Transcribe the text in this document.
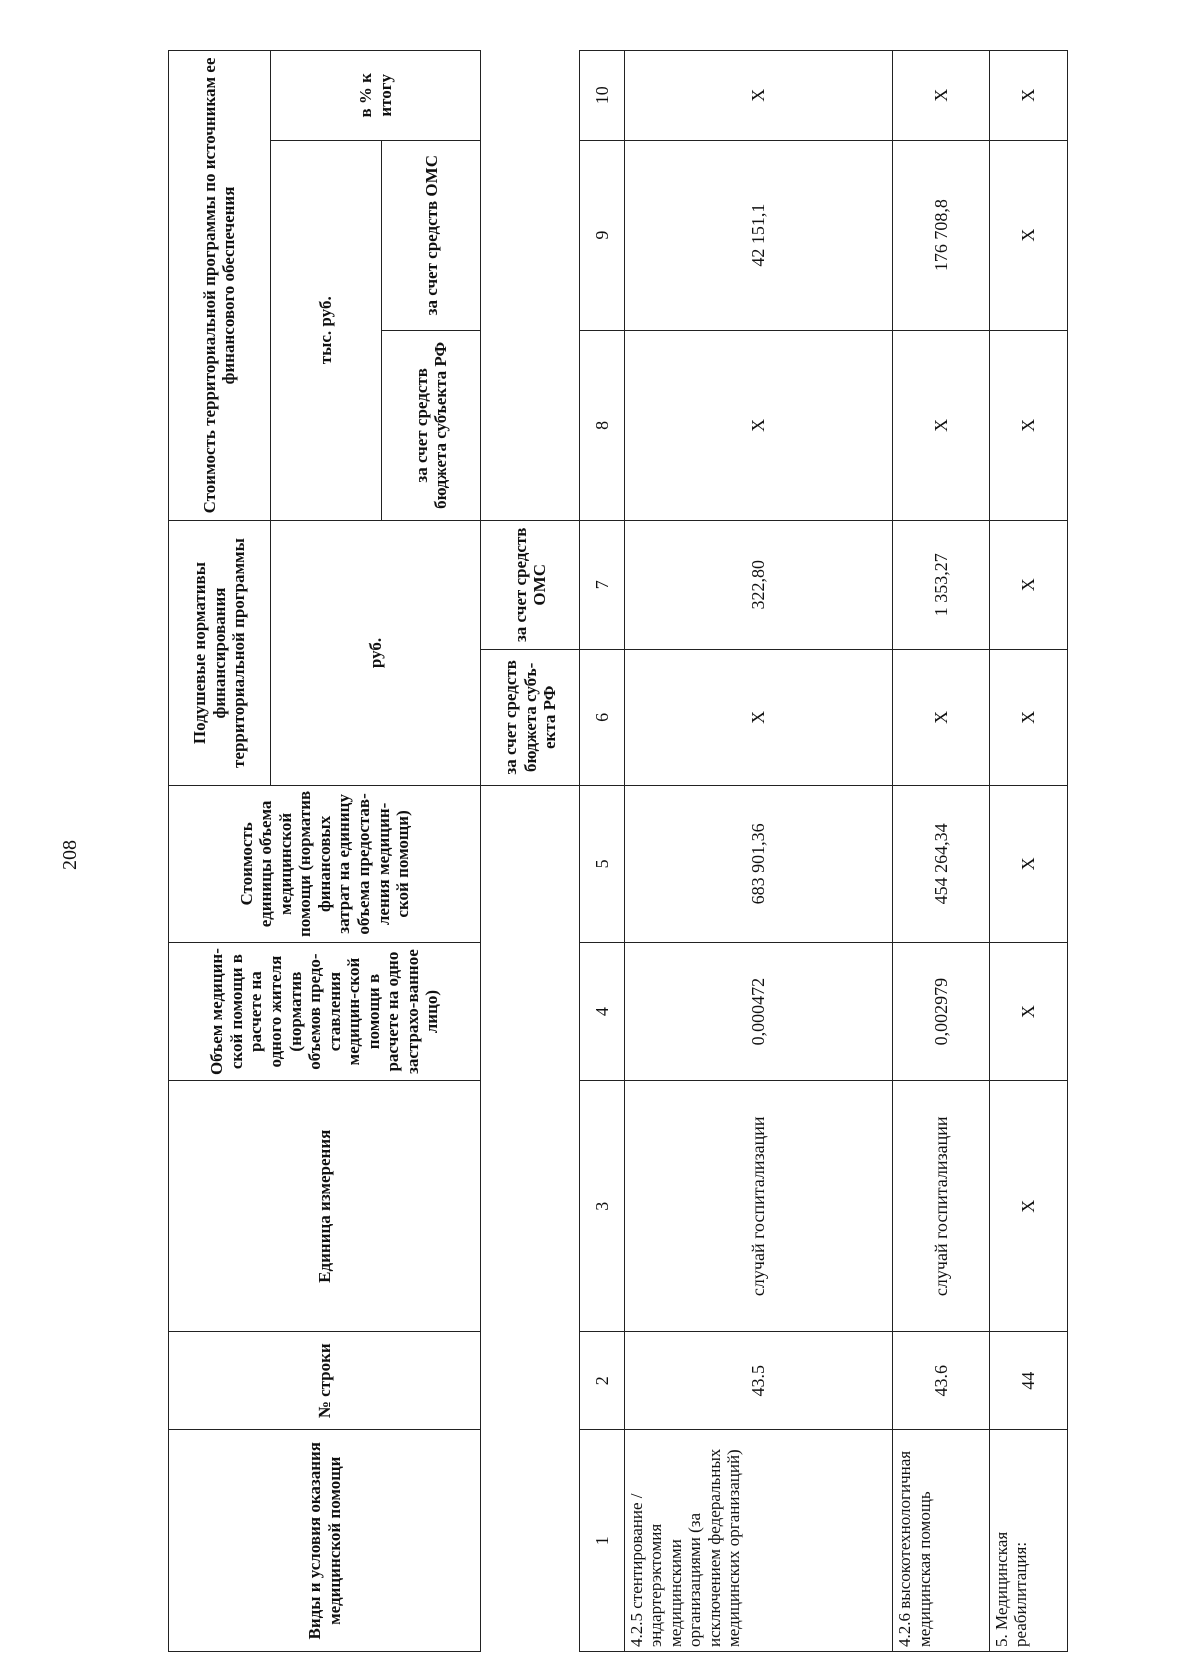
208
Виды и условия оказания медицинской помощи	№ строки	Единица измерения	Объем медицин-ской помощи в расчете на одного жителя (норматив объемов предо-ставления медицин-ской помощи в расчете на одно застрахо-ванное лицо)	Стоимость единицы объема медицинской помощи (норматив финансовых затрат на единицу объема предостав-ления медицин-ской помощи)	Подушевые нормативы финансирования территориальной программы		Стоимость территориальной программы по источникам ее финансового обеспечения		
					руб.		тыс. руб.		в % к итогу
							за счет средств бюджета субъекта РФ	за счет средств ОМС	
					за счет средств бюджета субъ-екта РФ	за счет средств ОМС			
1	2	3	4	5	6	7	8	9	10
4.2.5 стентирование / эндартерэктомия медицинскими организациями (за исключением федеральных медицинских организаций)	43.5	случай госпитализации	0,000472	683 901,36	Х	322,80	Х	42 151,1	Х
4.2.6 высокотехнологичная медицинская помощь	43.6	случай госпитализации	0,002979	454 264,34	Х	1 353,27	Х	176 708,8	Х
5. Медицинская реабилитация:	44	Х	Х	Х	Х	Х	Х	Х	Х
